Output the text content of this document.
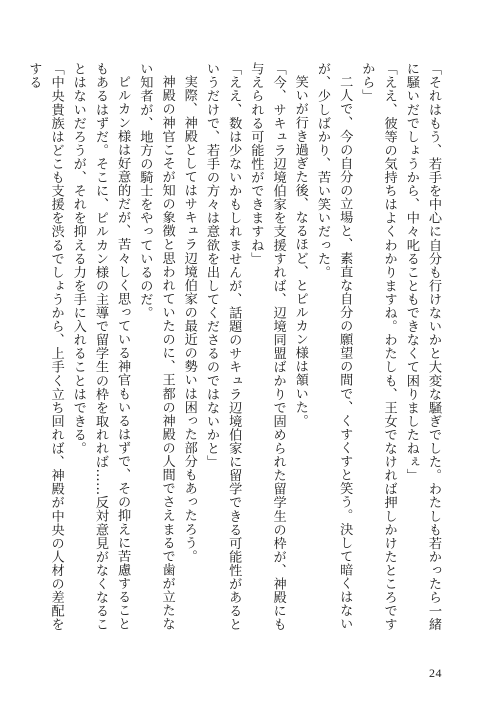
「それはもう、若手を中心に自分も行けないかと大変な騒ぎでした。わたしも若かったら一緒に騒いだでしょうから、中々叱ることもできなくて困りましたねぇ」

「ええ、彼等の気持ちはよくわかりますね。わたしも、王女でなければ押しかけたところですから」

二人で、今の自分の立場と、素直な自分の願望の間で、くすくすと笑う。決して暗くはないが、少しばかり、苦い笑いだった。

笑いが行き過ぎた後、なるほど、とピルカン様は頷いた。

「今、サキュラ辺境伯家を支援すれば、辺境同盟ばかりで固められた留学生の枠が、神殿にも与えられる可能性ができますね」

「ええ、数は少ないかもしれませんが、話題のサキュラ辺境伯家に留学できる可能性があるというだけで、若手の方々は意欲を出してくださるのではないかと」

実際、神殿としてはサキュラ辺境伯家の最近の勢いは困った部分もあったろう。

神殿の神官こそが知の象徴と思われていたのに、王都の神殿の人間でさえまるで歯が立たない知者が、地方の騎士をやっているのだ。

ピルカン様は好意的だが、苦々しく思っている神官もいるはずで、その抑えに苦慮することもあるはずだ。そこに、ピルカン様の主導で留学生の枠を取れれば……反対意見がなくなることはないだろうが、それを抑える力を手に入れることはできる。

「中央貴族はどこも支援を渋るでしょうから、上手く立ち回れば、神殿が中央の人材の差配をする

24
